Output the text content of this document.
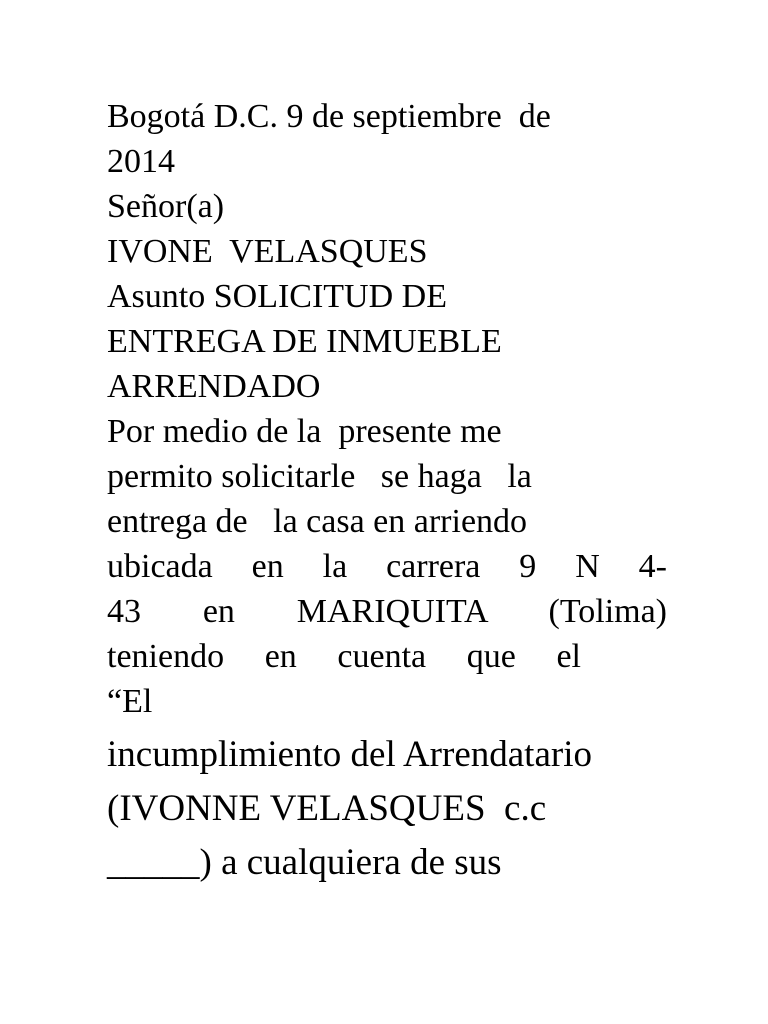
Bogotá D.C. 9 de septiembre  de
2014
Señor(a)
IVONE  VELASQUES
Asunto SOLICITUD DE
ENTREGA DE INMUEBLE
ARRENDADO
Por medio de la  presente me
permito solicitarle   se haga   la
entrega de   la casa en arriendo
ubicada en la carrera 9 N 4-
43 en MARIQUITA (Tolima)
teniendo en cuenta que el
“El
incumplimiento del Arrendatario
(IVONNE VELASQUES  c.c
_____) a cualquiera de sus
